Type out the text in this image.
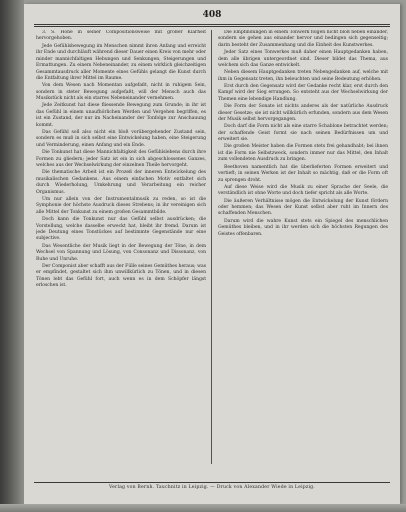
408

3. S. Hohe in seiner Compositionsweise mit großer Klarheit hervorgehoben.

Jede Gefühlsbewegung im Menschen nimmt ihren Anfang und erreicht ihr Ende und durchläuft während dieser Dauer einen Kreis von mehr oder minder mannichfaltigen Hebungen und Senkungen, Steigerungen und Ermattungen. Zu einem Nebeneinander, zu einem wirklich gleichzeitigen Gesammtausdruck aller Momente eines Gefühls gelangt die Kunst durch die Entfaltung ihrer Mittel im Raume.

Von dem Wesen nach Momentan aufgefaßt, nicht in ruhigem Sein, sondern in steter Bewegung aufgefaßt, will der Mensch auch das Musikstück nicht als ein starres Nebeneinander vernehmen.

Jede Zeitkunst hat diese fliessende Bewegung zum Grunde; in ihr ist das Gefühl in einem unaufhörlichen Werden und Vergehen begriffen, es ist ein Zustand, der nur im Nacheinander der Tonfolge zur Anschauung kommt.

Das Gefühl soll also nicht ein bloß vorübergehender Zustand sein, sondern es muß in sich selbst eine Entwickelung haben, eine Steigerung und Verminderung, einen Anfang und ein Ende.

Die Tonkunst hat diese Mannichfaltigkeit des Gefühlslebens durch ihre Formen zu gliedern; jeder Satz ist ein in sich abgeschlossenes Ganzes, welches aus der Wechselwirkung der einzelnen Theile hervorgeht.

Die thematische Arbeit ist ein Prozeß der inneren Entwickelung des musikalischen Gedankens. Aus einem einfachen Motiv entfaltet sich durch Wiederholung, Umkehrung und Verarbeitung ein reicher Organismus.

Um nur allein von der Instrumentalmusik zu reden, so ist die Symphonie der höchste Ausdruck dieses Strebens; in ihr vereinigen sich alle Mittel der Tonkunst zu einem großen Gesammtbilde.

Doch kann die Tonkunst nur das Gefühl selbst ausdrücken; die Vorstellung, welche dasselbe erweckt hat, bleibt ihr fremd. Darum ist jede Deutung eines Tonstückes auf bestimmte Gegenstände nur eine subjective.

Das Wesentliche der Musik liegt in der Bewegung der Töne, in dem Wechsel von Spannung und Lösung, von Consonanz und Dissonanz, von Ruhe und Unruhe.

Der Componist aber schafft aus der Fülle seines Gemüthes heraus; was er empfindet, gestaltet sich ihm unwillkürlich zu Tönen, und in diesen Tönen lebt das Gefühl fort, auch wenn es in dem Schöpfer längst erloschen ist.

Die Empfindungen in einem Tonwerk folgen nicht bloß neben einander, sondern sie gehen aus einander hervor und bedingen sich gegenseitig; darin besteht der Zusammenhang und die Einheit des Kunstwerkes.

Jeder Satz eines Tonwerkes muß daher einen Hauptgedanken haben, dem alle übrigen untergeordnet sind. Dieser bildet das Thema, aus welchem sich das Ganze entwickelt.

Neben diesem Hauptgedanken treten Nebengedanken auf, welche mit ihm in Gegensatz treten, ihn beleuchten und seine Bedeutung erhöhen.

Erst durch den Gegensatz wird der Gedanke recht klar, erst durch den Kampf wird der Sieg errungen. So entsteht aus der Wechselwirkung der Themen eine lebendige Handlung.

Die Form der Sonate ist nichts anderes als der natürliche Ausdruck dieser Gesetze; sie ist nicht willkürlich erfunden, sondern aus dem Wesen der Musik selbst hervorgegangen.

Doch darf die Form nicht als eine starre Schablone betrachtet werden; der schaffende Geist formt sie nach seinen Bedürfnissen um und erweitert sie.

Die großen Meister haben die Formen stets frei gehandhabt; bei ihnen ist die Form nie Selbstzweck, sondern immer nur das Mittel, den Inhalt zum vollendeten Ausdruck zu bringen.

Beethoven namentlich hat die überlieferten Formen erweitert und vertieft; in seinen Werken ist der Inhalt so mächtig, daß er die Form oft zu sprengen droht.

Auf diese Weise wird die Musik zu einer Sprache der Seele, die verständlich ist ohne Worte und doch tiefer spricht als alle Worte.

Die äußeren Verhältnisse mögen die Entwickelung der Kunst fördern oder hemmen; das Wesen der Kunst selbst aber ruht im Innern des schaffenden Menschen.

Darum wird die wahre Kunst stets ein Spiegel des menschlichen Gemüthes bleiben, und in ihr werden sich die höchsten Regungen des Geistes offenbaren.

Verlag von Bernh. Tauchnitz in Leipzig. — Druck von Alexander Wiede in Leipzig.
